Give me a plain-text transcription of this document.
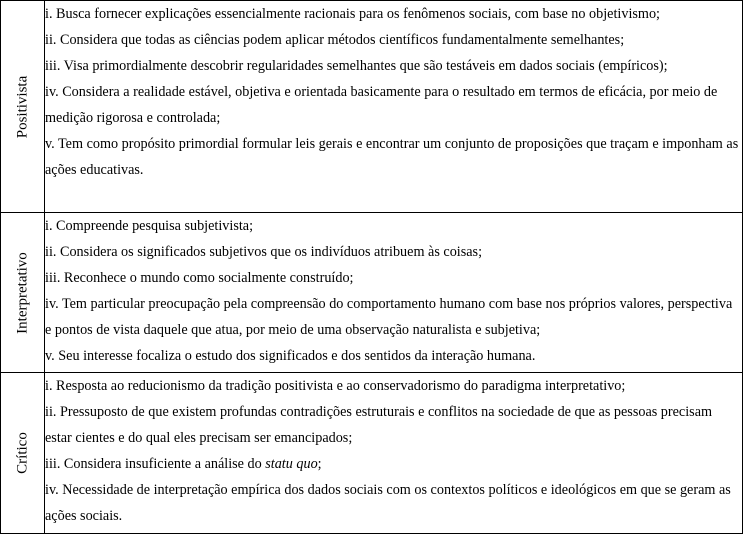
Positivista	i. Busca fornecer explicações essencialmente racionais para os fenômenos sociais, com base no objetivismo;

ii. Considera que todas as ciências podem aplicar métodos científicos fundamentalmente semelhantes;

iii. Visa primordialmente descobrir regularidades semelhantes que são testáveis em dados sociais (empíricos);

iv. Considera a realidade estável, objetiva e orientada basicamente para o resultado em termos de eficácia, por meio de medição rigorosa e controlada;

v. Tem como propósito primordial formular leis gerais e encontrar um conjunto de proposições que traçam e imponham as ações educativas.

Interpretativo	i. Compreende pesquisa subjetivista;

ii. Considera os significados subjetivos que os indivíduos atribuem às coisas;

iii. Reconhece o mundo como socialmente construído;

iv. Tem particular preocupação pela compreensão do comportamento humano com base nos próprios valores, perspectiva e pontos de vista daquele que atua, por meio de uma observação naturalista e subjetiva;

v. Seu interesse focaliza o estudo dos significados e dos sentidos da interação humana.

Crítico	i. Resposta ao reducionismo da tradição positivista e ao conservadorismo do paradigma interpretativo;

ii. Pressuposto de que existem profundas contradições estruturais e conflitos na sociedade de que as pessoas precisam estar cientes e do qual eles precisam ser emancipados;

iii. Considera insuficiente a análise do statu quo;

iv. Necessidade de interpretação empírica dos dados sociais com os contextos políticos e ideológicos em que se geram as ações sociais.
